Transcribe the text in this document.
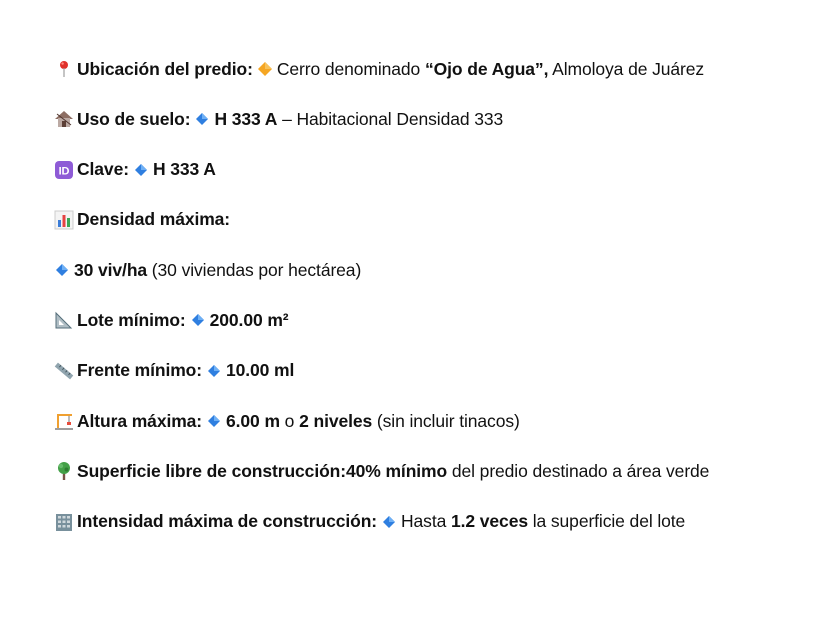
Ubicación del predio: Cerro denominado “Ojo de Agua”, Almoloya de Juárez
Uso de suelo: H 333 A – Habitacional Densidad 333
ID Clave: H 333 A
Densidad máxima:
30 viv/ha (30 viviendas por hectárea)
Lote mínimo: 200.00 m²
Frente mínimo: 10.00 ml
Altura máxima: 6.00 m o 2 niveles (sin incluir tinacos)
Superficie libre de construcción:40% mínimo del predio destinado a área verde
Intensidad máxima de construcción: Hasta 1.2 veces la superficie del lote
